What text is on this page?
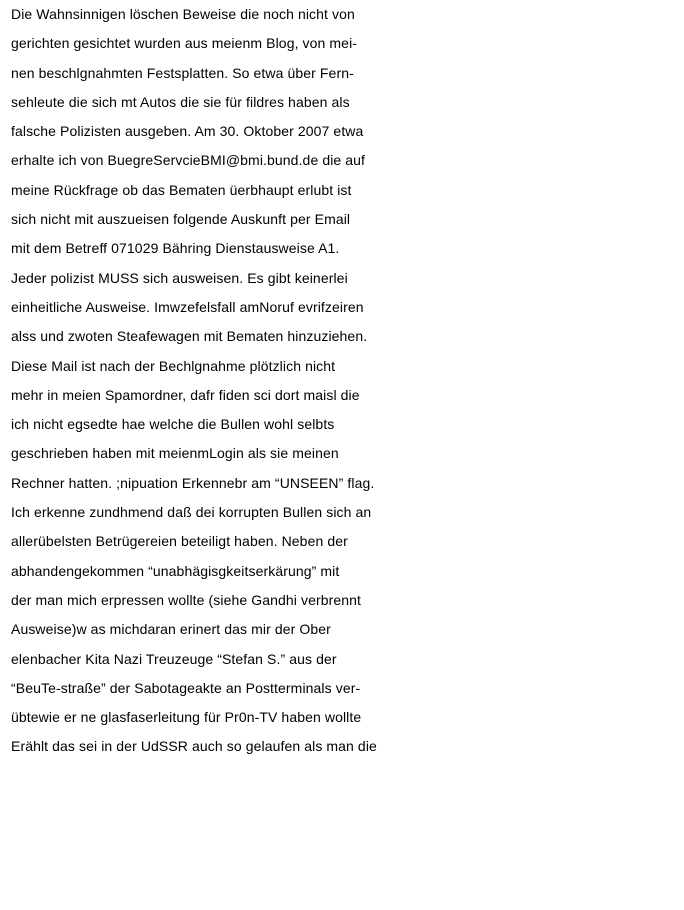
Die Wahnsinnigen löschen Beweise die noch nicht von
gerichten gesichtet wurden aus meienm Blog, von mei-
nen beschlgnahmten Festsplatten. So etwa über Fern-
sehleute die sich mt Autos die sie für fildres haben als
falsche Polizisten ausgeben. Am 30. Oktober 2007 etwa
erhalte ich von BuegreServcieBMI@bmi.bund.de die auf
meine Rückfrage ob das Bematen üerbhaupt erlubt ist
sich nicht mit auszueisen folgende Auskunft per Email
mit dem Betreff 071029 Bähring Dienstausweise A1.
Jeder polizist MUSS sich ausweisen. Es gibt keinerlei
einheitliche Ausweise. Imwzefelsfall amNoruf evrifzeiren
alss und zwoten Steafewagen mit Bematen hinzuziehen.
Diese Mail ist nach der Bechlgnahme plötzlich nicht
mehr in meien Spamordner, dafr fiden sci dort maisl die
ich nicht egsedte hae welche die Bullen wohl selbts
geschrieben haben mit meienmLogin als sie meinen
Rechner hatten. ;nipuation Erkennebr am “UNSEEN” flag.
Ich erkenne zundhmend daß dei korrupten Bullen sich an
allerübelsten Betrügereien beteiligt haben. Neben der
abhandengekommen “unabhägisgkeitserkärung” mit
der man mich erpressen wollte (siehe Gandhi verbrennt
Ausweise)w as michdaran erinert das mir der Ober
elenbacher Kita Nazi Treuzeuge “Stefan S.” aus der
“BeuTe-straße” der Sabotageakte an Postterminals ver-
übtewie er ne glasfaserleitung für Pr0n-TV haben wollte
Erählt das sei in der UdSSR auch so gelaufen als man die
